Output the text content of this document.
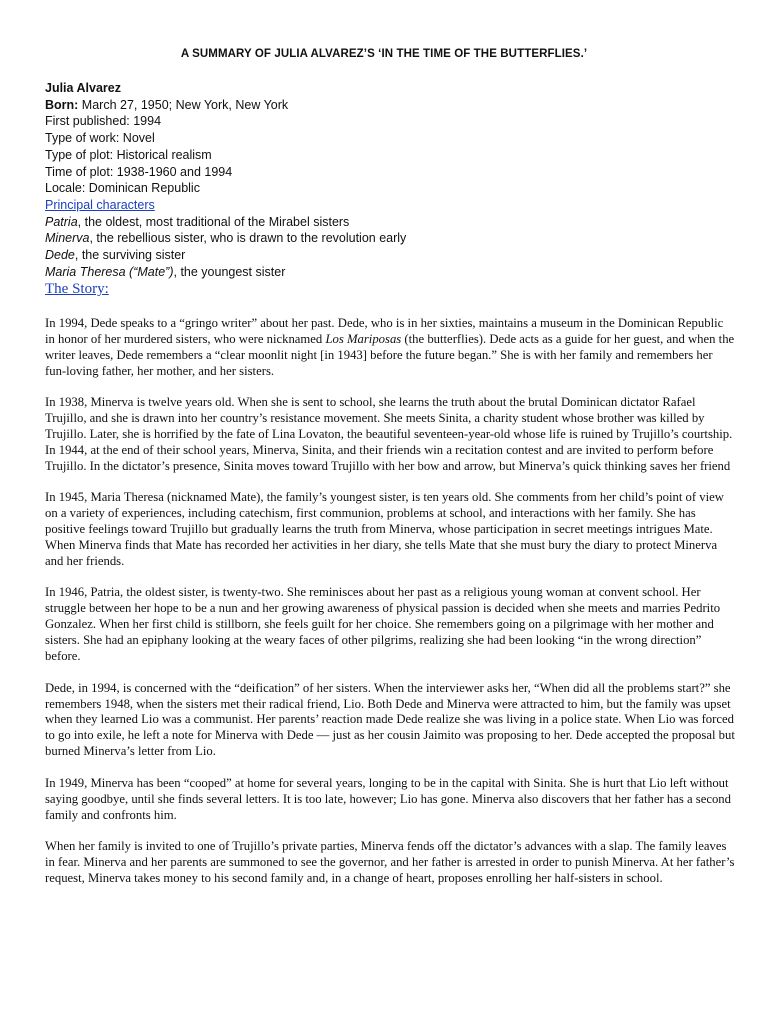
A SUMMARY OF JULIA ALVAREZ’S ‘IN THE TIME OF THE BUTTERFLIES.’
Julia Alvarez
Born: March 27, 1950; New York, New York
First published: 1994
Type of work: Novel
Type of plot: Historical realism
Time of plot: 1938-1960 and 1994
Locale: Dominican Republic
Principal characters
Patria, the oldest, most traditional of the Mirabel sisters
Minerva, the rebellious sister, who is drawn to the revolution early
Dede, the surviving sister
Maria Theresa (“Mate”), the youngest sister
The Story:

In 1994, Dede speaks to a “gringo writer” about her past. Dede, who is in her sixties, maintains a museum in the Dominican Republic in honor of her murdered sisters, who were nicknamed Los Mariposas (the butterflies). Dede acts as a guide for her guest, and when the writer leaves, Dede remembers a “clear moonlit night [in 1943] before the future began.” She is with her family and remembers her fun-loving father, her mother, and her sisters.

In 1938, Minerva is twelve years old. When she is sent to school, she learns the truth about the brutal Dominican dictator Rafael Trujillo, and she is drawn into her country’s resistance movement. She meets Sinita, a charity student whose brother was killed by Trujillo. Later, she is horrified by the fate of Lina Lovaton, the beautiful seventeen-year-old whose life is ruined by Trujillo’s courtship. In 1944, at the end of their school years, Minerva, Sinita, and their friends win a recitation contest and are invited to perform before Trujillo. In the dictator’s presence, Sinita moves toward Trujillo with her bow and arrow, but Minerva’s quick thinking saves her friend

In 1945, Maria Theresa (nicknamed Mate), the family’s youngest sister, is ten years old. She comments from her child’s point of view on a variety of experiences, including catechism, first communion, problems at school, and interactions with her family. She has positive feelings toward Trujillo but gradually learns the truth from Minerva, whose participation in secret meetings intrigues Mate. When Minerva finds that Mate has recorded her activities in her diary, she tells Mate that she must bury the diary to protect Minerva and her friends.

In 1946, Patria, the oldest sister, is twenty-two. She reminisces about her past as a religious young woman at convent school. Her struggle between her hope to be a nun and her growing awareness of physical passion is decided when she meets and marries Pedrito Gonzalez. When her first child is stillborn, she feels guilt for her choice. She remembers going on a pilgrimage with her mother and sisters. She had an epiphany looking at the weary faces of other pilgrims, realizing she had been looking “in the wrong direction” before.

Dede, in 1994, is concerned with the “deification” of her sisters. When the interviewer asks her, “When did all the problems start?” she remembers 1948, when the sisters met their radical friend, Lio. Both Dede and Minerva were attracted to him, but the family was upset when they learned Lio was a communist. Her parents’ reaction made Dede realize she was living in a police state. When Lio was forced to go into exile, he left a note for Minerva with Dede — just as her cousin Jaimito was proposing to her. Dede accepted the proposal but burned Minerva’s letter from Lio.

In 1949, Minerva has been “cooped” at home for several years, longing to be in the capital with Sinita. She is hurt that Lio left without saying goodbye, until she finds several letters. It is too late, however; Lio has gone. Minerva also discovers that her father has a second family and confronts him.

When her family is invited to one of Trujillo’s private parties, Minerva fends off the dictator’s advances with a slap. The family leaves in fear. Minerva and her parents are summoned to see the governor, and her father is arrested in order to punish Minerva. At her father’s request, Minerva takes money to his second family and, in a change of heart, proposes enrolling her half-sisters in school.
